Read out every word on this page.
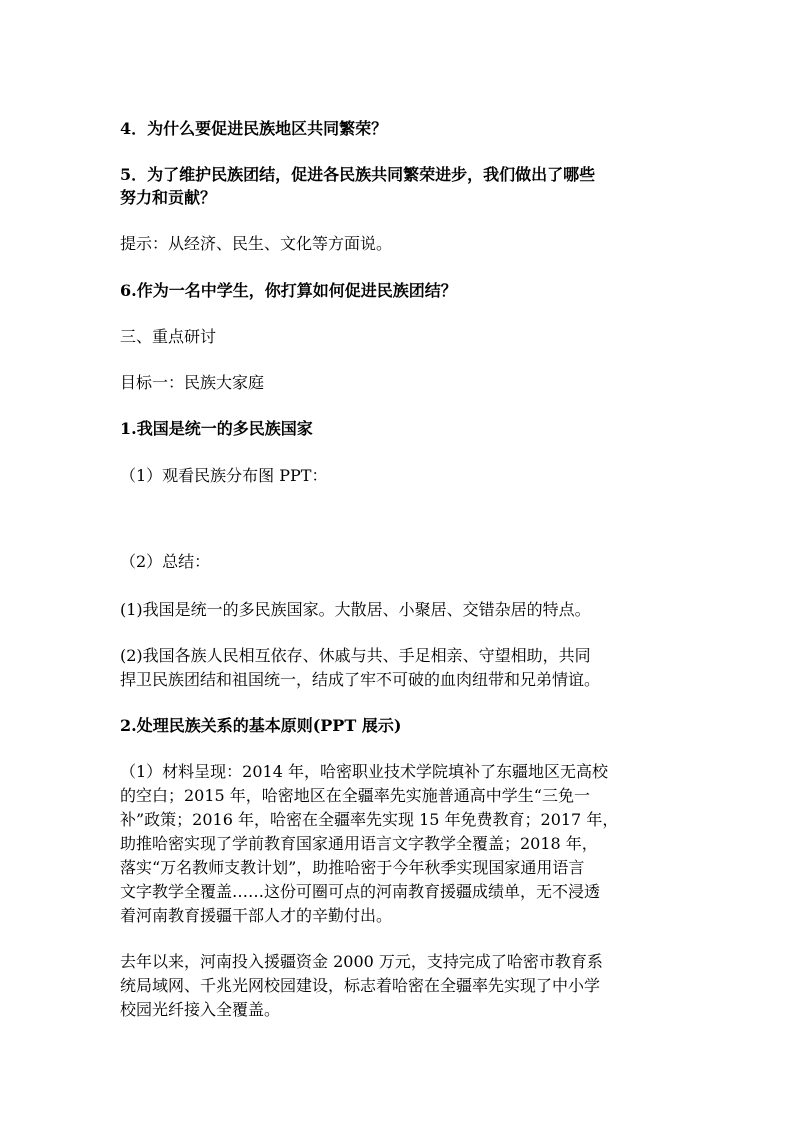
4．为什么要促进民族地区共同繁荣？
5．为了维护民族团结，促进各民族共同繁荣进步，我们做出了哪些
努力和贡献？
提示：从经济、民生、文化等方面说。
6.作为一名中学生，你打算如何促进民族团结？
三、重点研讨
目标一：民族大家庭
1.我国是统一的多民族国家
（1）观看民族分布图 PPT：
（2）总结：
(1)我国是统一的多民族国家。大散居、小聚居、交错杂居的特点。
(2)我国各族人民相互依存、休戚与共、手足相亲、守望相助，共同
捍卫民族团结和祖国统一，结成了牢不可破的血肉纽带和兄弟情谊。
2.处理民族关系的基本原则(PPT 展示)
（1）材料呈现：2014 年，哈密职业技术学院填补了东疆地区无高校
的空白；2015 年，哈密地区在全疆率先实施普通高中学生“三免一
补”政策；2016 年，哈密在全疆率先实现 15 年免费教育；2017 年，
助推哈密实现了学前教育国家通用语言文字教学全覆盖；2018 年，
落实“万名教师支教计划”，助推哈密于今年秋季实现国家通用语言
文字教学全覆盖……这份可圈可点的河南教育援疆成绩单，无不浸透
着河南教育援疆干部人才的辛勤付出。
去年以来，河南投入援疆资金 2000 万元，支持完成了哈密市教育系
统局域网、千兆光网校园建设，标志着哈密在全疆率先实现了中小学
校园光纤接入全覆盖。
